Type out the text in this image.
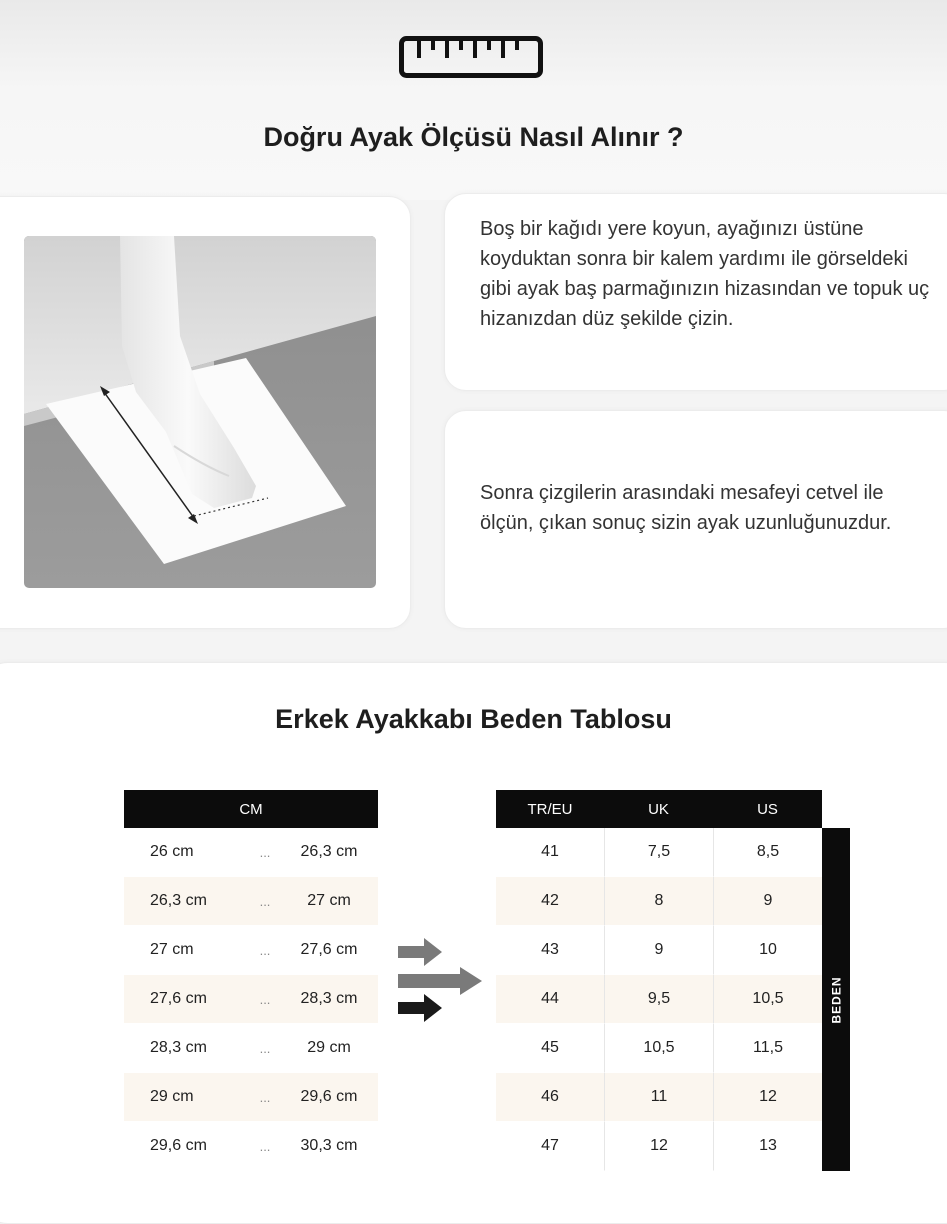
Doğru Ayak Ölçüsü Nasıl Alınır ?

Boş bir kağıdı yere koyun, ayağınızı üstüne koyduktan sonra bir kalem yardımı ile görseldeki gibi ayak baş parmağınızın hizasından ve topuk uç hizanızdan düz şekilde çizin.

Sonra çizgilerin arasındaki mesafeyi cetvel ile ölçün, çıkan sonuç sizin ayak uzunluğunuzdur.

Erkek Ayakkabı Beden Tablosu
CM		
26 cm	...	26,3 cm
26,3 cm	...	27 cm
27 cm	...	27,6 cm
27,6 cm	...	28,3 cm
28,3 cm	...	29 cm
29 cm	...	29,6 cm
29,6 cm	...	30,3 cm
TR/EU	UK	US
41	7,5	8,5
42	8	9
43	9	10
44	9,5	10,5
45	10,5	11,5
46	11	12
47	12	13
BEDEN
